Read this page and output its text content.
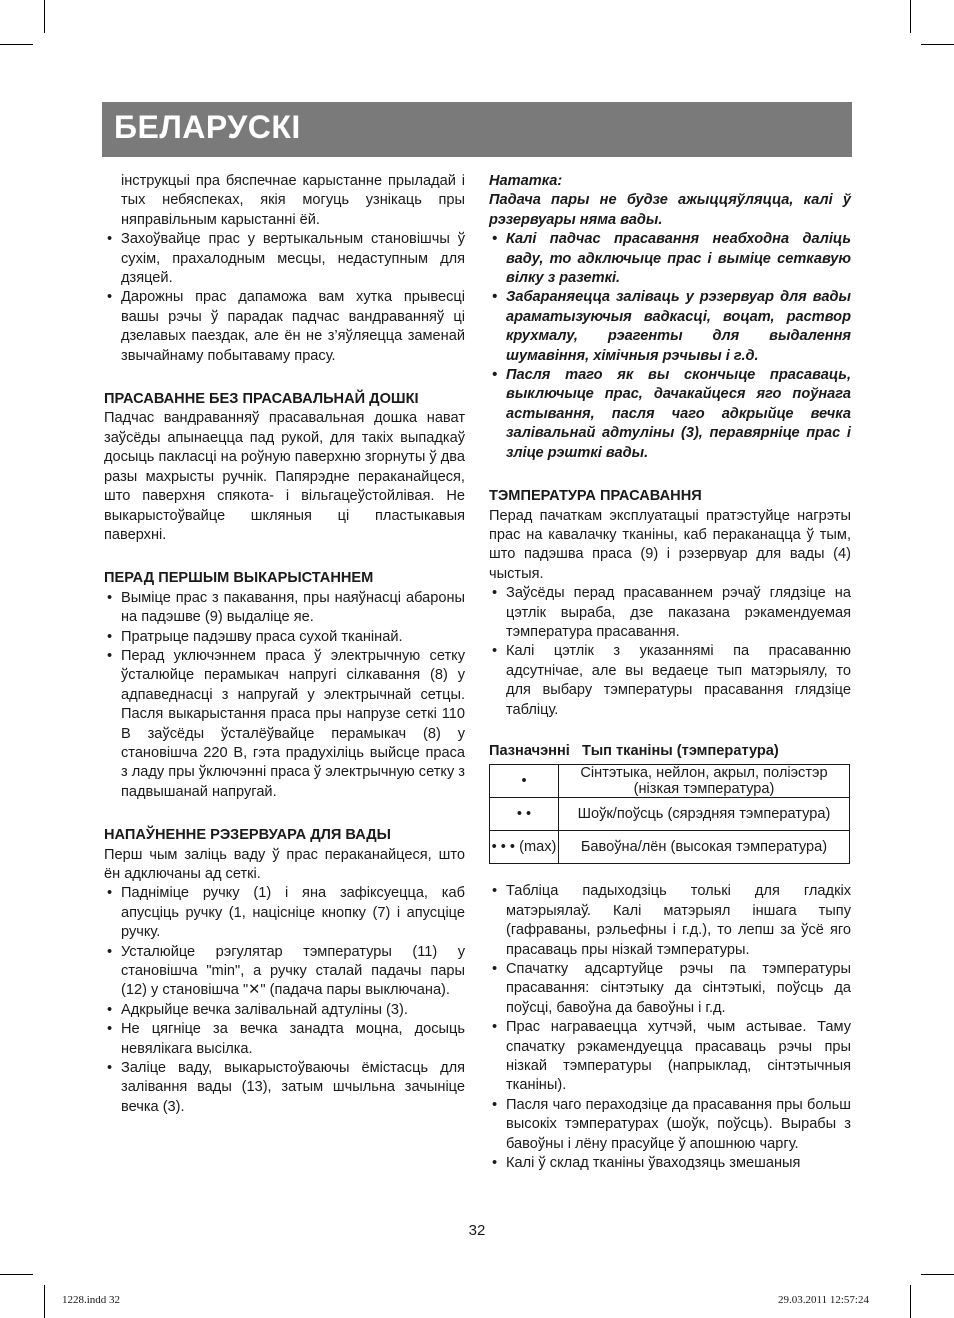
БЕЛАРУСКІ

інструкцыі пра бяспечнае карыстанне прыладай і тых небяспеках, якія могуць узнікаць пры няправільным карыстанні ёй.

• Захоўвайце прас у вертыкальным становішчы ў сухім, прахалодным месцы, недаступным для дзяцей.
• Дарожны прас дапаможа вам хутка прывесці вашы рэчы ў парадак падчас вандраванняў ці дзелавых паездак, але ён не з’яўляецца заменай звычайнаму побытаваму прасу.
ПРАСАВАННЕ БЕЗ ПРАСАВАЛЬНАЙ ДОШКІ

Падчас вандраванняў прасавальная дошка нават заўсёды апынаецца пад рукой, для такіх выпадкаў досыць пакласці на роўную паверхню згорнуты ў два разы махрысты ручнік. Папярэдне пераканайцеся, што паверхня спякота- і вільгацеўстойлівая. Не выкарыстоўвайце шкляныя ці пластыкавыя паверхні.

ПЕРАД ПЕРШЫМ ВЫКАРЫСТАННЕМ
• Выміце прас з пакавання, пры наяўнасці абароны на падэшве (9) выдаліце яе.
• Пратрыце падэшву праса сухой тканінай.
• Перад уключэннем праса ў электрычную сетку ўсталюйце перамыкач напругі сілкавання (8) у адпаведнасці з напругай у электрычнай сетцы. Пасля выкарыстання праса пры напрузе сеткі 110 В заўсёды ўсталёўвайце перамыкач (8) у становішча 220 В, гэта прадухіліць выйсце праса з ладу пры ўключэнні праса ў электрычную сетку з падвышанай напругай.
НАПАЎНЕННЕ РЭЗЕРВУАРА ДЛЯ ВАДЫ

Перш чым заліць ваду ў прас пераканайцеся, што ён адключаны ад сеткі.

• Падніміце ручку (1) і яна зафіксуецца, каб апусціць ручку (1, націсніце кнопку (7) і апусціце ручку.
• Усталюйце рэгулятар тэмпературы (11) у становішча "min", а ручку сталай падачы пары (12) у становішча "✕" (падача пары выключана).
• Адкрыйце вечка залівальнай адтуліны (3).
• Не цягніце за вечка занадта моцна, досыць невялікага высілка.
• Заліце ваду, выкарыстоўваючы ёмістасць для залівання вады (13), затым шчыльна зачыніце вечка (3).

Нататка:

Падача пары не будзе ажыццяўляцца, калі ў рэзервуары няма вады.

• Калі падчас прасавання неабходна даліць ваду, то адключыце прас і выміце сеткавую вілку з разеткі.
• Забараняецца заліваць у рэзервуар для вады араматызуючыя вадкасці, воцат, раствор крухмалу, рэагенты для выдалення шумавіння, хімічныя рэчывы і г.д.
• Пасля таго як вы скончыце прасаваць, выключыце прас, дачакайцеся яго поўнага астывання, пасля чаго адкрыйце вечка залівальнай адтуліны (3), перавярніце прас і зліце рэшткі вады.
ТЭМПЕРАТУРА ПРАСАВАННЯ

Перад пачаткам эксплуатацыі пратэстуйце нагрэты прас на кавалачку тканіны, каб пераканацца ў тым, што падэшва праса (9) і рэзервуар для вады (4) чыстыя.

• Заўсёды перад прасаваннем рэчаў глядзіце на цэтлік выраба, дзе паказана рэкамендуемая тэмпература прасавання.
• Калі цэтлік з указаннямі па прасаванню адсутнічае, але вы ведаеце тып матэрыялу, то для выбару тэмпературы прасавання глядзіце табліцу.

Пазначэнні   Тып тканіны (тэмпература)

•	Сінтэтыка, нейлон, акрыл, поліэстэр (нізкая тэмпература)
• •	Шоўк/поўсць (сярэдняя тэмпература)
• • • (max)	Бавоўна/лён (высокая тэмпература)
• Табліца падыходзіць толькі для гладкіх матэрыялаў. Калі матэрыял іншага тыпу (гафраваны, рэльефны і г.д.), то лепш за ўсё яго прасаваць пры нізкай тэмпературы.
• Спачатку адсартуйце рэчы па тэмпературы прасавання: сінтэтыку да сінтэтыкі, поўсць да поўсці, бавоўна да бавоўны і г.д.
• Прас награваецца хутчэй, чым астывае. Таму спачатку рэкамендуецца прасаваць рэчы пры нізкай тэмпературы (напрыклад, сінтэтычныя тканіны).
• Пасля чаго пераходзіце да прасавання пры больш высокіх тэмпературах (шоўк, поўсць). Вырабы з бавоўны і лёну прасуйце ў апошнюю чаргу.
• Калі ў склад тканіны ўваходзяць змешаныя
32
1228.indd 32	29.03.2011 12:57:24
